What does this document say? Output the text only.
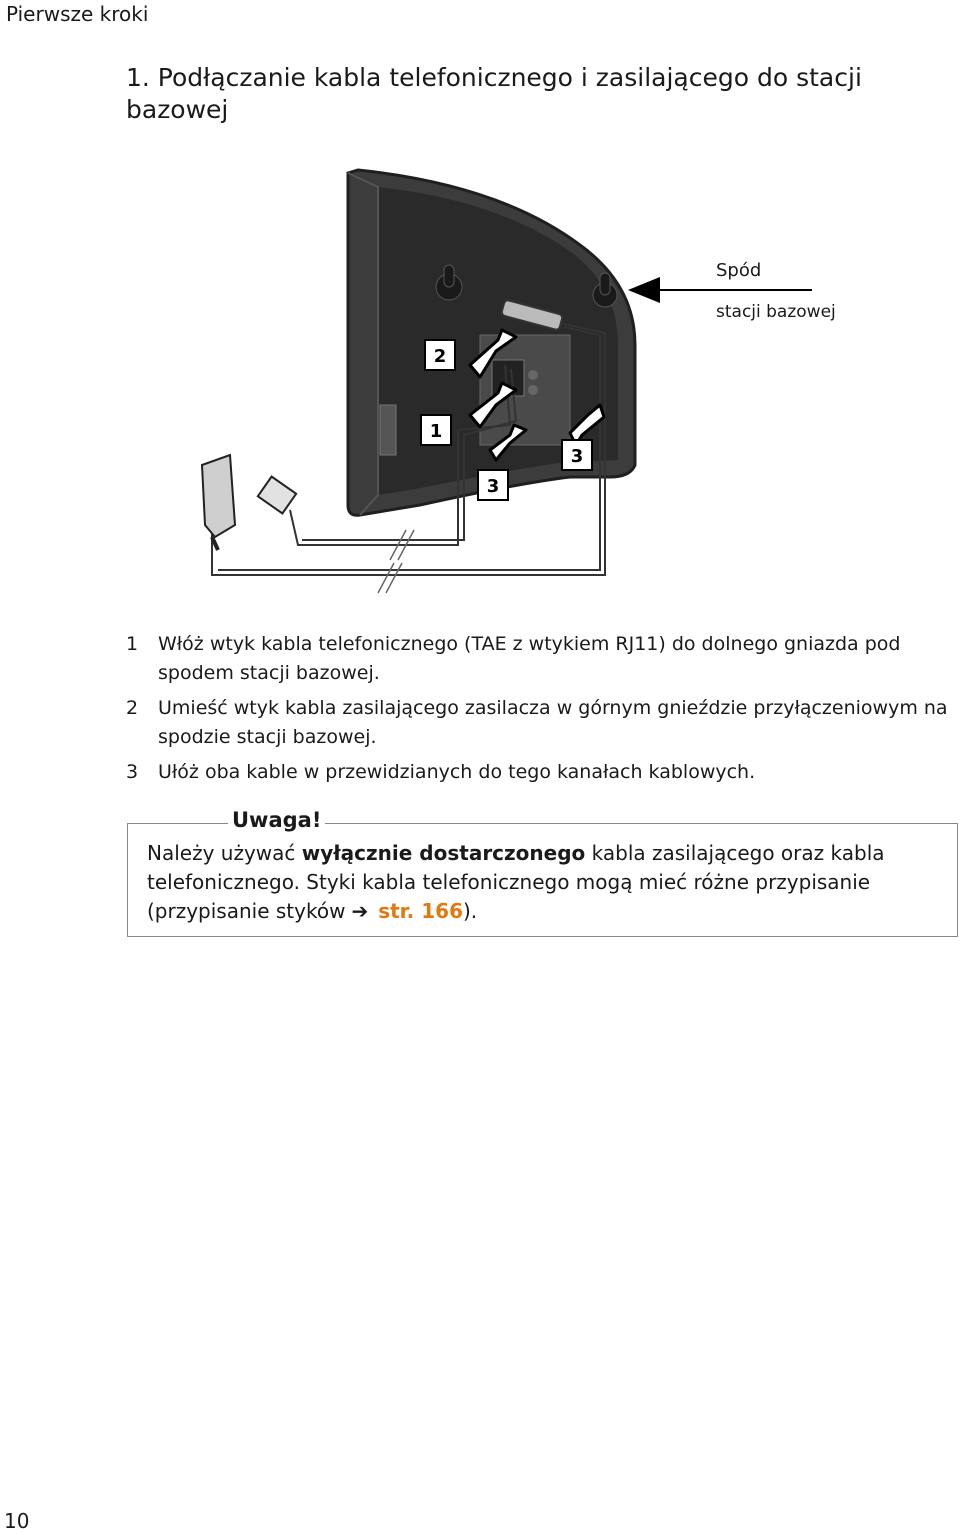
Pierwsze kroki
1. Podłączanie kabla telefonicznego i zasilającego do stacji bazowej
2
1
3
3
Spód
stacji bazowej
1	Włóż wtyk kabla telefonicznego (TAE z wtykiem RJ11) do dolnego gniazda pod spodem stacji bazowej.
2	Umieść wtyk kabla zasilającego zasilacza w górnym gnieździe przyłączeniowym na spodzie stacji bazowej.
3	Ułóż oba kable w przewidzianych do tego kanałach kablowych.
Uwaga!
Należy używać wyłącznie dostarczonego kabla zasilającego oraz kabla telefonicznego. Styki kabla telefonicznego mogą mieć różne przypisanie (przypisanie styków ➔ str. 166).
10
